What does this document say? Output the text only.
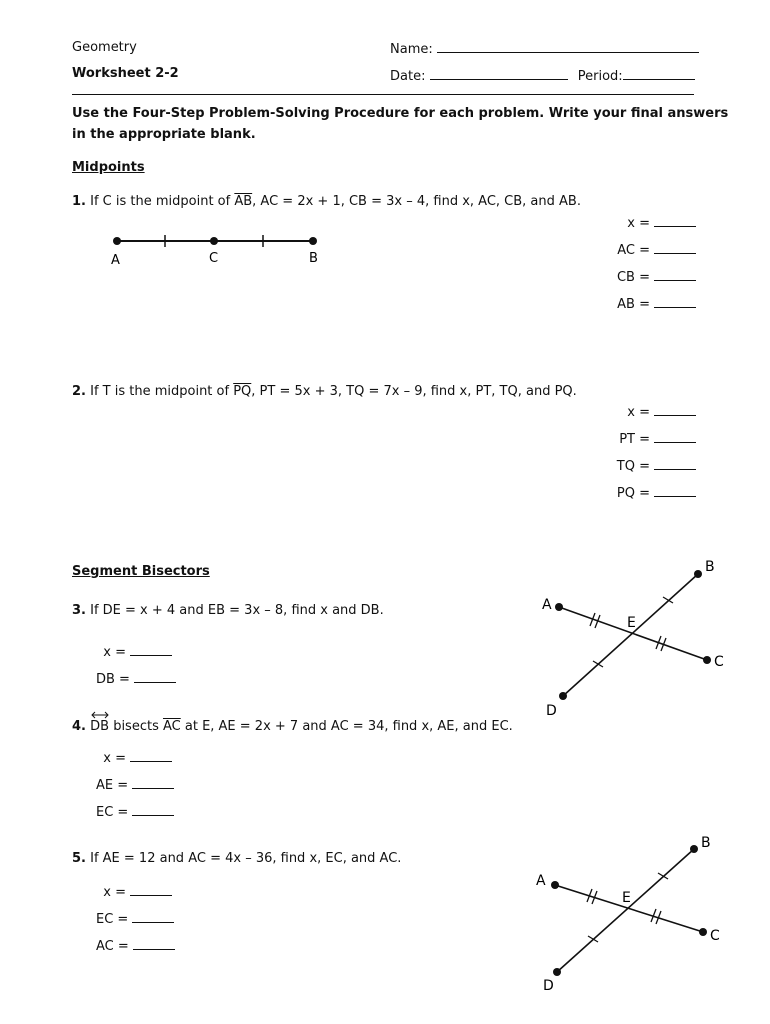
Geometry
Worksheet 2-2
Name:
Date:	Period:
Use the Four-Step Problem-Solving Procedure for each problem. Write your final answers
in the appropriate blank.
Midpoints
1. If C is the midpoint of $\overline{AB}$, AC = 2x + 1, CB = 3x – 4, find x, AC, CB, and AB.
x =
AC =
CB =
AB =
A	C	B
2. If T is the midpoint of $\overline{PQ}$, PT = 5x + 3, TQ = 7x – 9, find x, PT, TQ, and PQ.
x =
PT =
TQ =
PQ =
Segment Bisectors
3. If DE = x + 4 and EB = 3x – 8, find x and DB.
x =
DB =
A
B
C
D
E
4. DB bisects $\overline{AC}$ at E, AE = 2x + 7 and AC = 34, find x, AE, and EC.
x =
AE =
EC =
5. If AE = 12 and AC = 4x – 36, find x, EC, and AC.
x =
EC =
AC =
A
B
C
D
E
